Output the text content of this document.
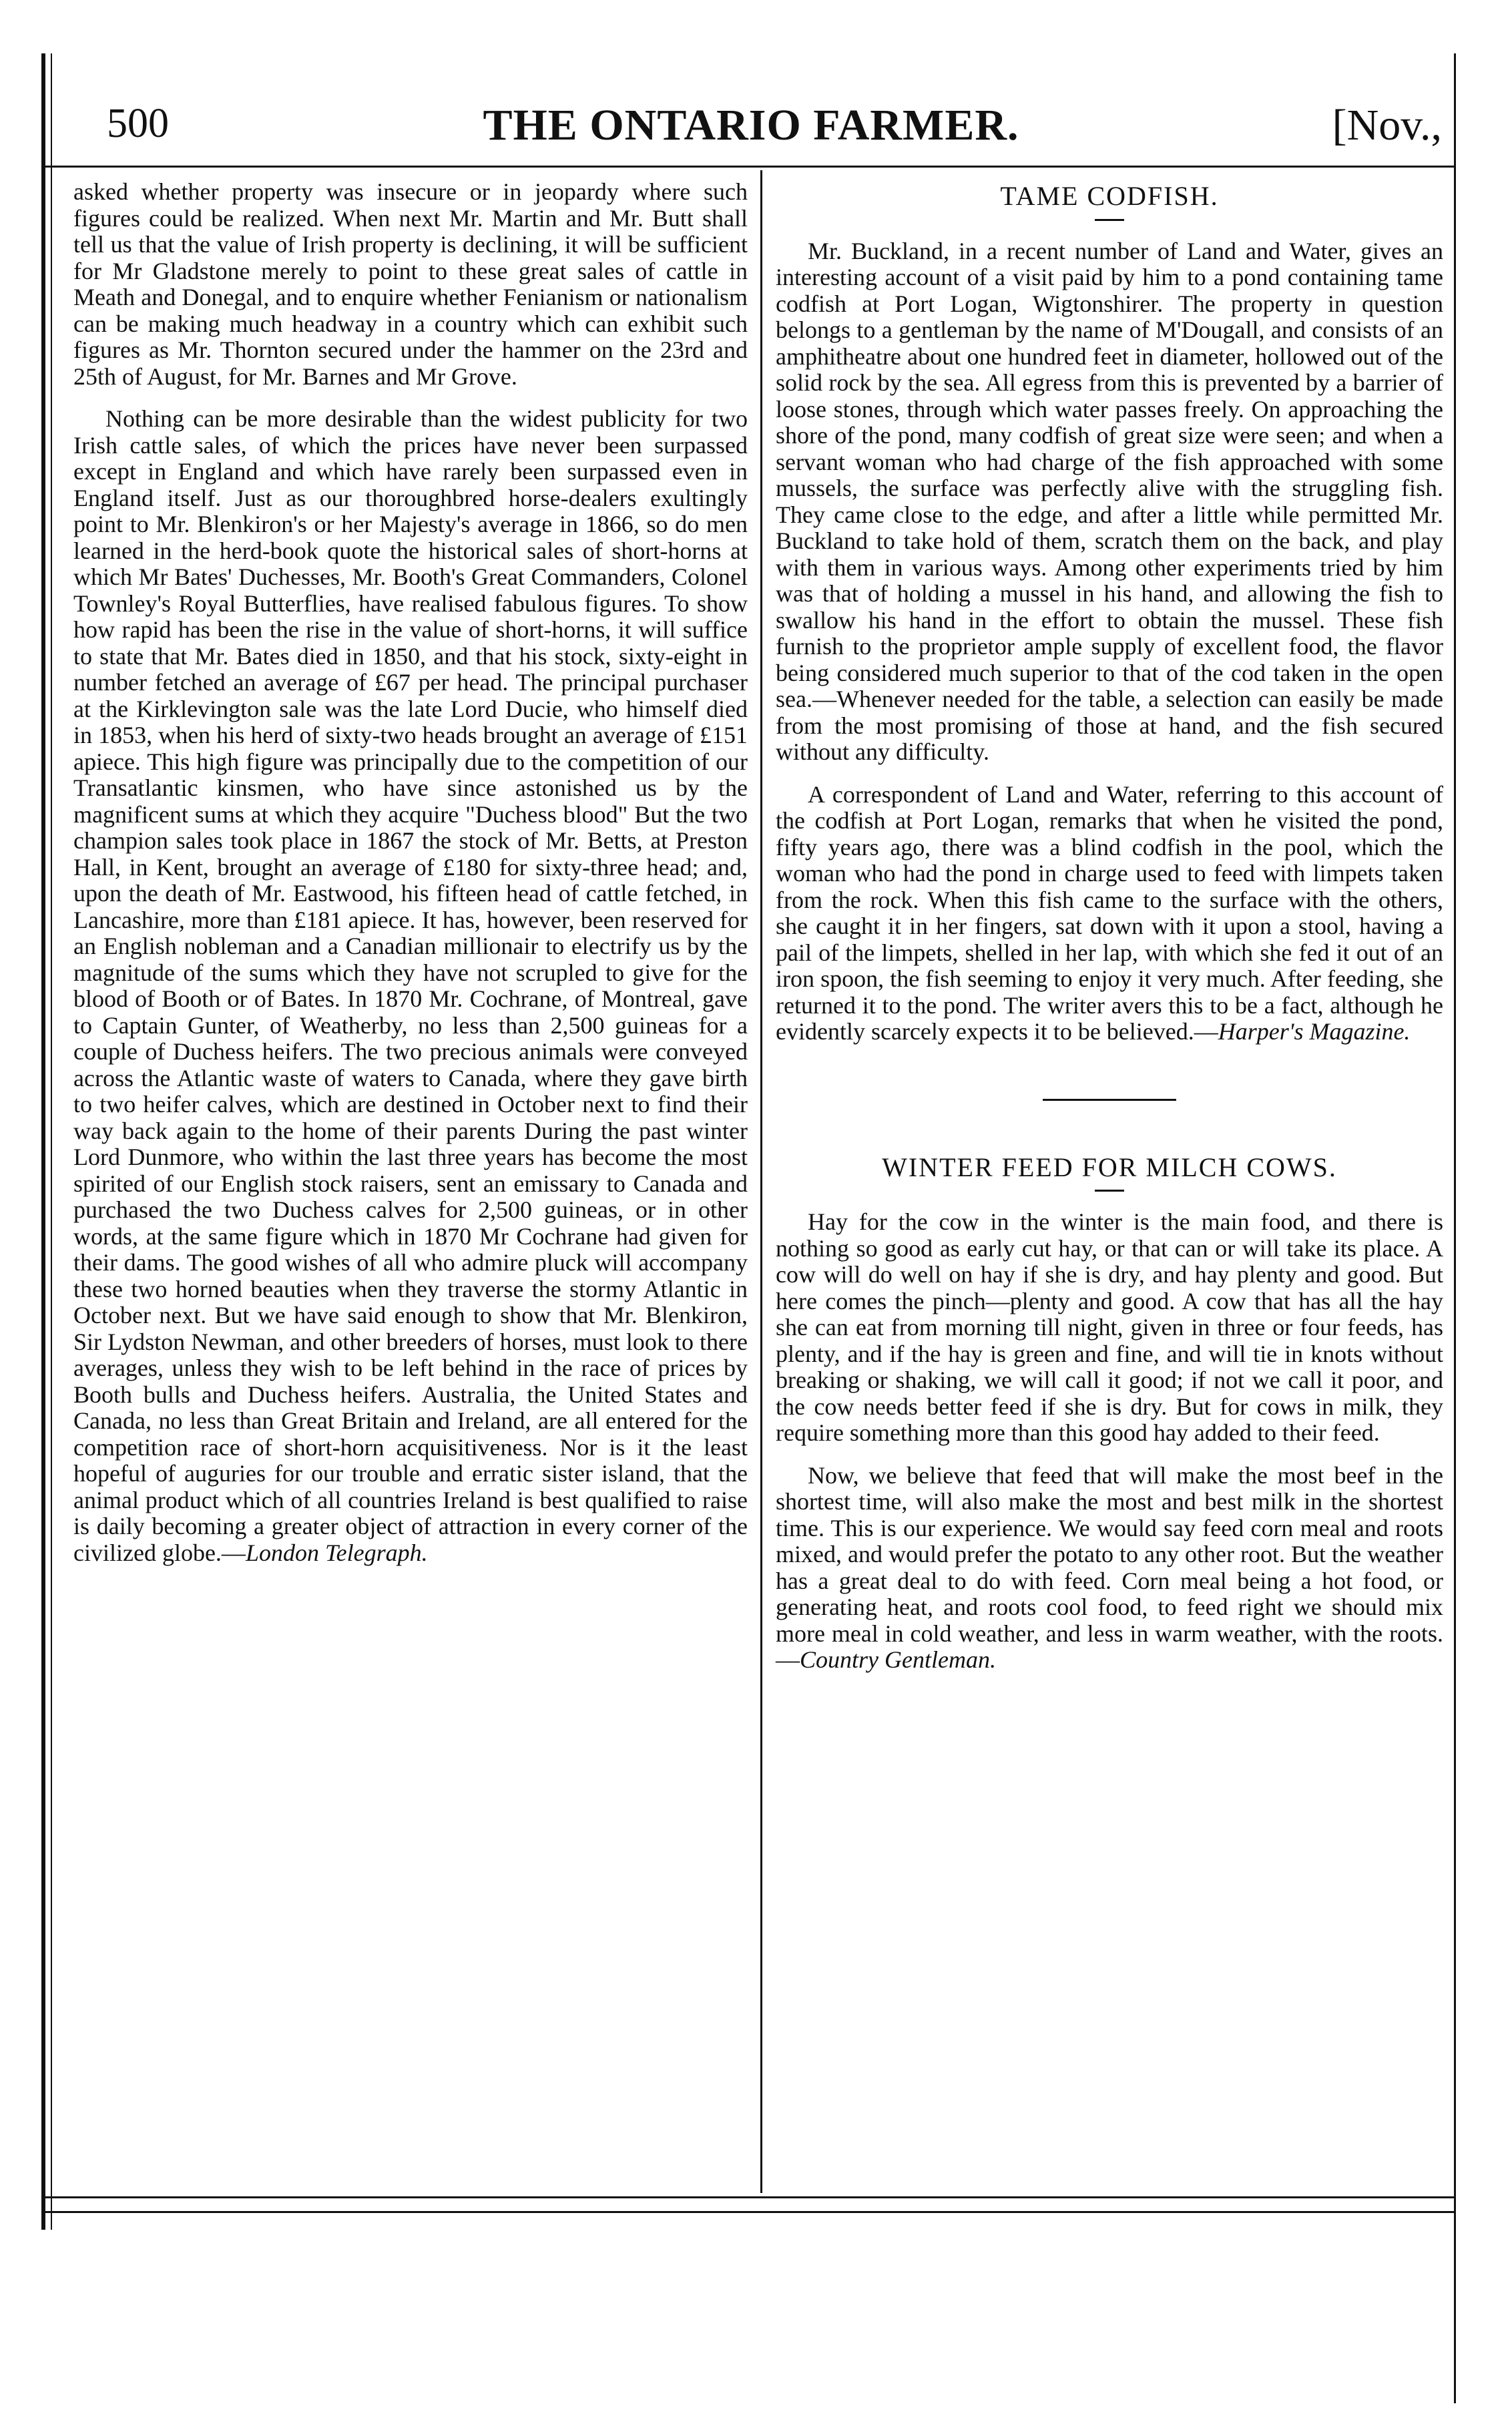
500	THE ONTARIO FARMER.	[Nov.,

asked whether property was insecure or in jeopardy where such figures could be realized. When next Mr. Martin and Mr. Butt shall tell us that the value of Irish property is declining, it will be sufficient for Mr Gladstone merely to point to these great sales of cattle in Meath and Donegal, and to enquire whether Fenianism or nationalism can be making much headway in a country which can exhibit such figures as Mr. Thornton secured under the hammer on the 23rd and 25th of August, for Mr. Barnes and Mr Grove.

Nothing can be more desirable than the widest publicity for two Irish cattle sales, of which the prices have never been surpassed except in England and which have rarely been surpassed even in England itself. Just as our thoroughbred horse-dealers exultingly point to Mr. Blenkiron's or her Majesty's average in 1866, so do men learned in the herd-book quote the historical sales of short-horns at which Mr Bates' Duchesses, Mr. Booth's Great Commanders, Colonel Townley's Royal Butterflies, have realised fabulous figures. To show how rapid has been the rise in the value of short-horns, it will suffice to state that Mr. Bates died in 1850, and that his stock, sixty-eight in number fetched an average of £67 per head. The principal purchaser at the Kirklevington sale was the late Lord Ducie, who himself died in 1853, when his herd of sixty-two heads brought an average of £151 apiece. This high figure was principally due to the competition of our Transatlantic kinsmen, who have since astonished us by the magnificent sums at which they acquire "Duchess blood" But the two champion sales took place in 1867 the stock of Mr. Betts, at Preston Hall, in Kent, brought an average of £180 for sixty-three head; and, upon the death of Mr. Eastwood, his fifteen head of cattle fetched, in Lancashire, more than £181 apiece. It has, however, been reserved for an English nobleman and a Canadian millionair to electrify us by the magnitude of the sums which they have not scrupled to give for the blood of Booth or of Bates. In 1870 Mr. Cochrane, of Montreal, gave to Captain Gunter, of Weatherby, no less than 2,500 guineas for a couple of Duchess heifers. The two precious animals were conveyed across the Atlantic waste of waters to Canada, where they gave birth to two heifer calves, which are destined in October next to find their way back again to the home of their parents During the past winter Lord Dunmore, who within the last three years has become the most spirited of our English stock raisers, sent an emissary to Canada and purchased the two Duchess calves for 2,500 guineas, or in other words, at the same figure which in 1870 Mr Cochrane had given for their dams. The good wishes of all who admire pluck will accompany these two horned beauties when they traverse the stormy Atlantic in October next. But we have said enough to show that Mr. Blenkiron, Sir Lydston Newman, and other breeders of horses, must look to there averages, unless they wish to be left behind in the race of prices by Booth bulls and Duchess heifers. Australia, the United States and Canada, no less than Great Britain and Ireland, are all entered for the competition race of short-horn acquisitiveness. Nor is it the least hopeful of auguries for our trouble and erratic sister island, that the animal product which of all countries Ireland is best qualified to raise is daily becoming a greater object of attraction in every corner of the civilized globe.—London Telegraph.

TAME CODFISH.

Mr. Buckland, in a recent number of Land and Water, gives an interesting account of a visit paid by him to a pond containing tame codfish at Port Logan, Wigtonshirer. The property in question belongs to a gentleman by the name of M'Dougall, and consists of an amphitheatre about one hundred feet in diameter, hollowed out of the solid rock by the sea. All egress from this is prevented by a barrier of loose stones, through which water passes freely. On approaching the shore of the pond, many codfish of great size were seen; and when a servant woman who had charge of the fish approached with some mussels, the surface was perfectly alive with the struggling fish. They came close to the edge, and after a little while permitted Mr. Buckland to take hold of them, scratch them on the back, and play with them in various ways. Among other experiments tried by him was that of holding a mussel in his hand, and allowing the fish to swallow his hand in the effort to obtain the mussel. These fish furnish to the proprietor ample supply of excellent food, the flavor being considered much superior to that of the cod taken in the open sea.—Whenever needed for the table, a selection can easily be made from the most promising of those at hand, and the fish secured without any difficulty.

A correspondent of Land and Water, referring to this account of the codfish at Port Logan, remarks that when he visited the pond, fifty years ago, there was a blind codfish in the pool, which the woman who had the pond in charge used to feed with limpets taken from the rock. When this fish came to the surface with the others, she caught it in her fingers, sat down with it upon a stool, having a pail of the limpets, shelled in her lap, with which she fed it out of an iron spoon, the fish seeming to enjoy it very much. After feeding, she returned it to the pond. The writer avers this to be a fact, although he evidently scarcely expects it to be believed.—Harper's Magazine.

WINTER FEED FOR MILCH COWS.

Hay for the cow in the winter is the main food, and there is nothing so good as early cut hay, or that can or will take its place. A cow will do well on hay if she is dry, and hay plenty and good. But here comes the pinch—plenty and good. A cow that has all the hay she can eat from morning till night, given in three or four feeds, has plenty, and if the hay is green and fine, and will tie in knots without breaking or shaking, we will call it good; if not we call it poor, and the cow needs better feed if she is dry. But for cows in milk, they require something more than this good hay added to their feed.

Now, we believe that feed that will make the most beef in the shortest time, will also make the most and best milk in the shortest time. This is our experience. We would say feed corn meal and roots mixed, and would prefer the potato to any other root. But the weather has a great deal to do with feed. Corn meal being a hot food, or generating heat, and roots cool food, to feed right we should mix more meal in cold weather, and less in warm weather, with the roots.—Country Gentleman.
